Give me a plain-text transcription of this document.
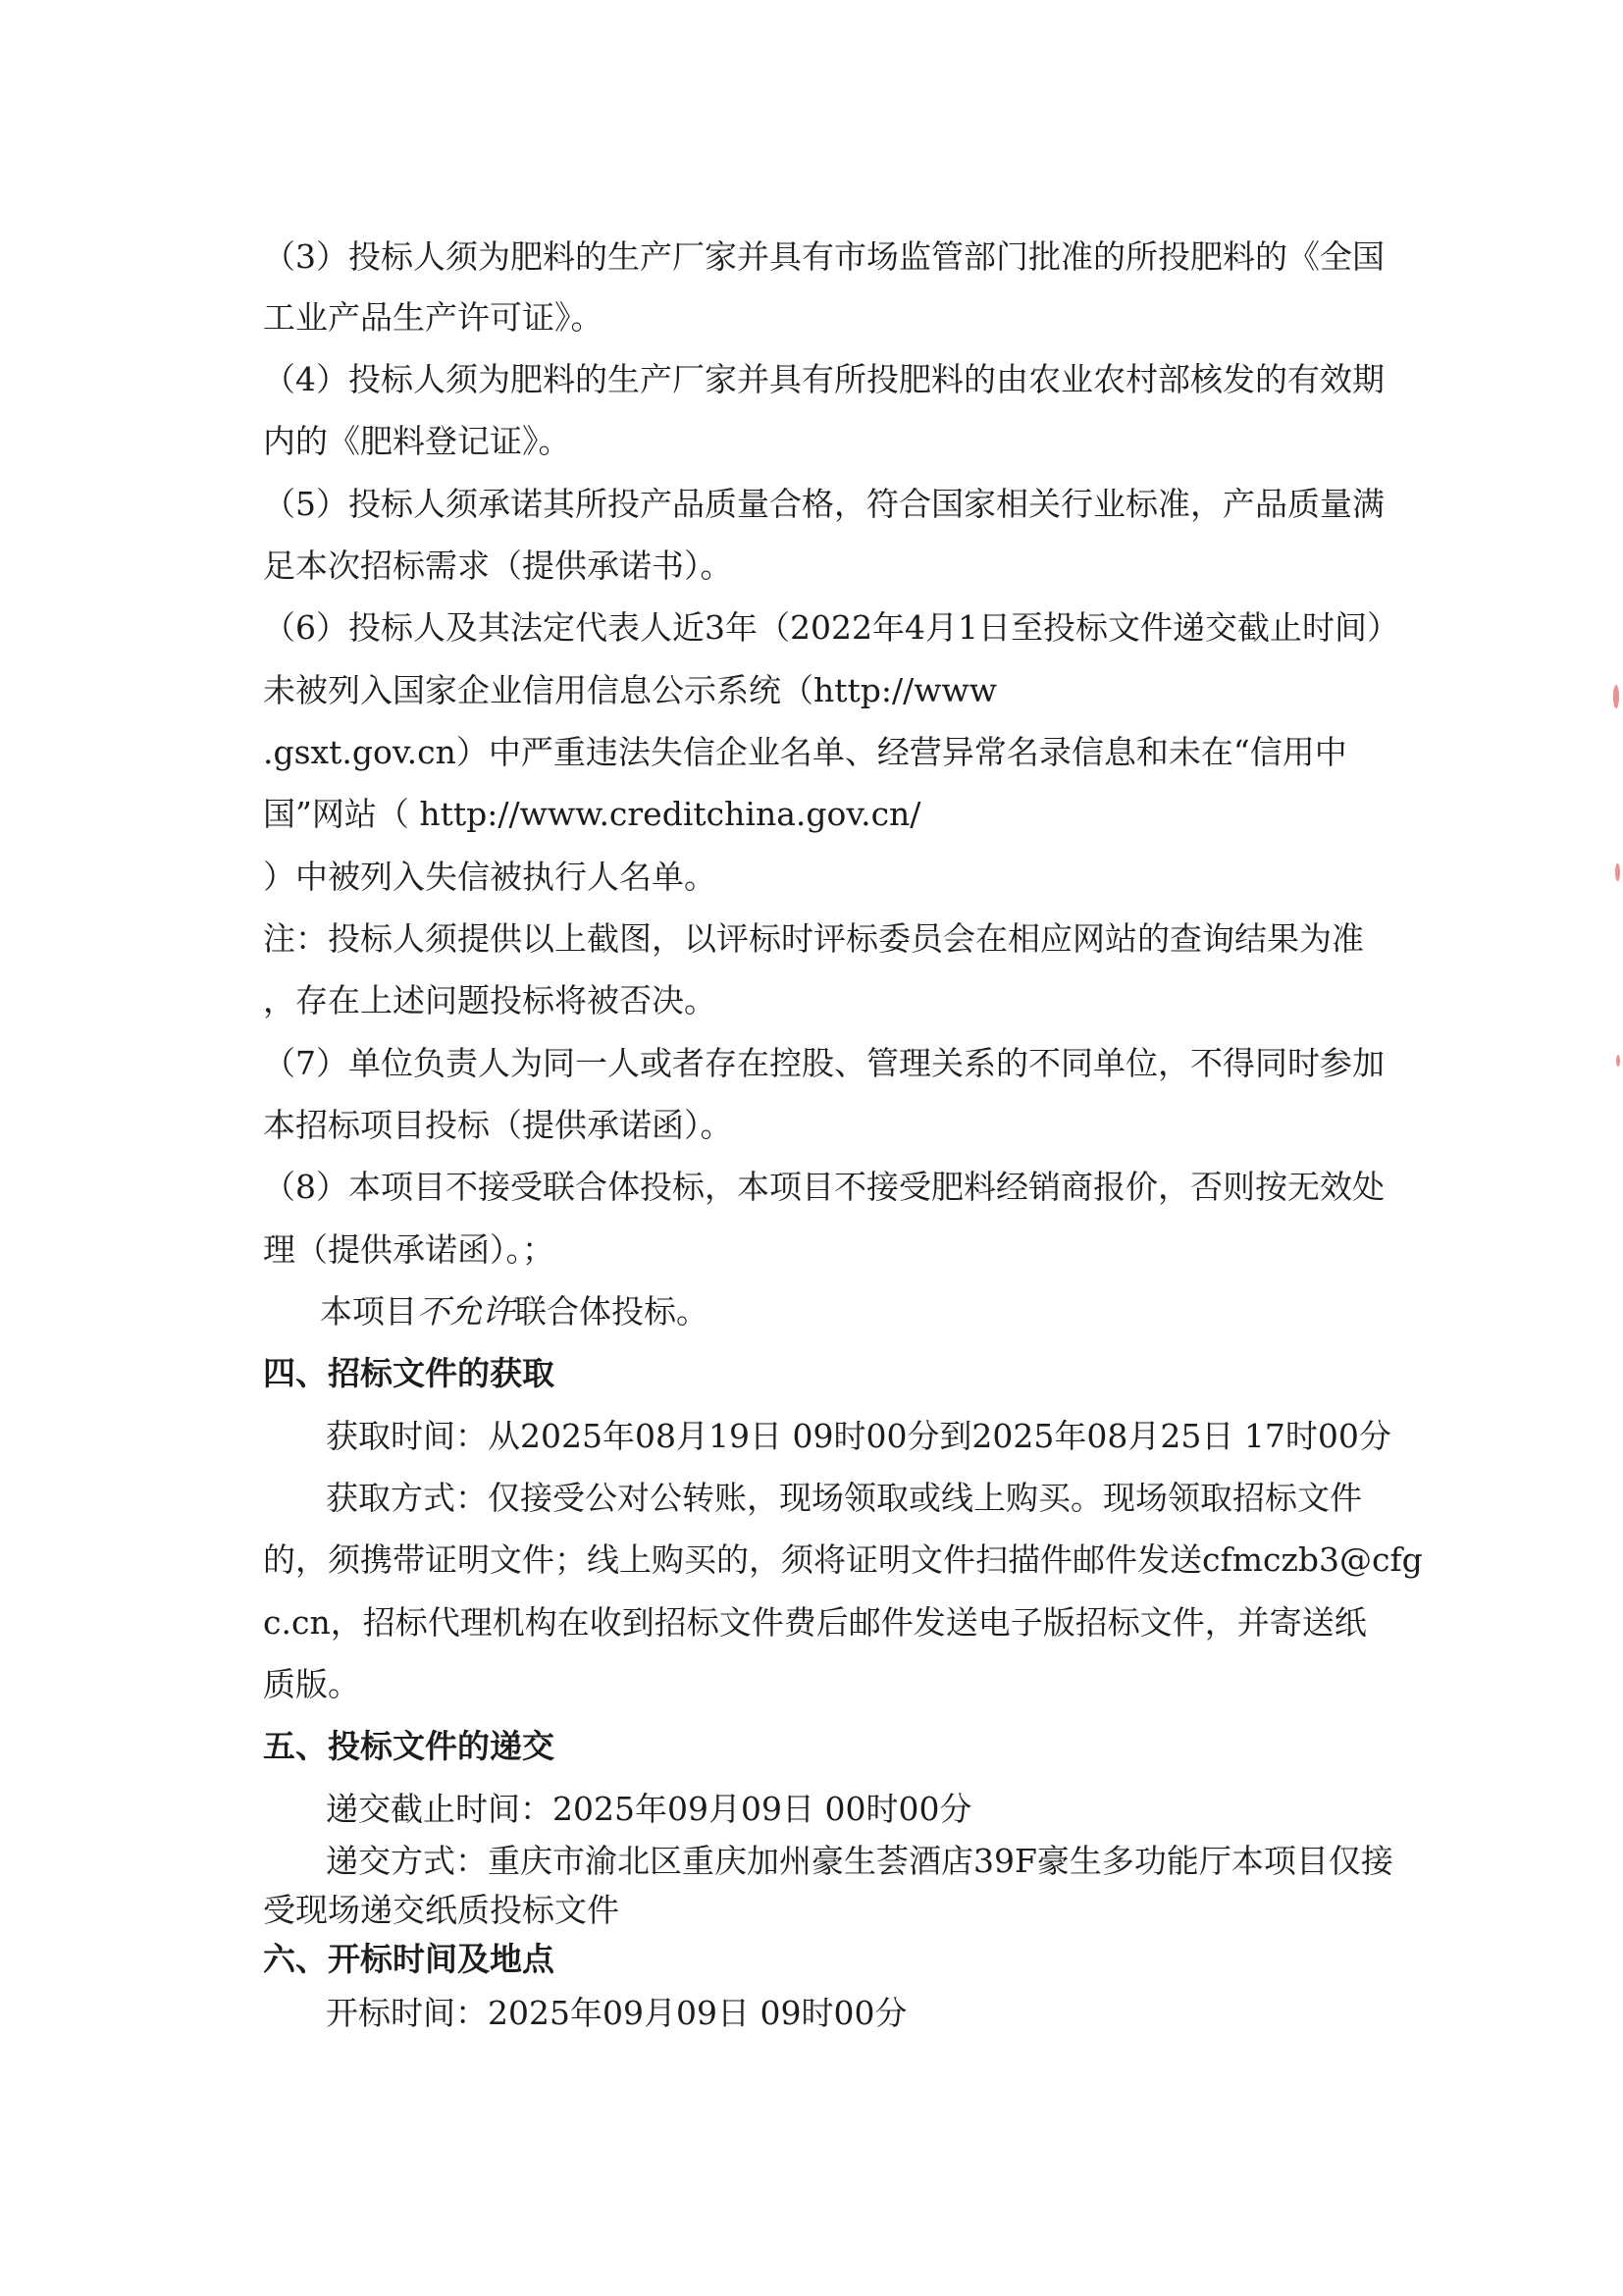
（3）投标人须为肥料的生产厂家并具有市场监管部门批准的所投肥料的《全国
工业产品生产许可证》。
（4）投标人须为肥料的生产厂家并具有所投肥料的由农业农村部核发的有效期
内的《肥料登记证》。
（5）投标人须承诺其所投产品质量合格，符合国家相关行业标准，产品质量满
足本次招标需求（提供承诺书）。
（6）投标人及其法定代表人近3年（2022年4月1日至投标文件递交截止时间）
未被列入国家企业信用信息公示系统（http://www
.gsxt.gov.cn）中严重违法失信企业名单、经营异常名录信息和未在“信用中
国”网站（ http://www.creditchina.gov.cn/
）中被列入失信被执行人名单。
注：投标人须提供以上截图，以评标时评标委员会在相应网站的查询结果为准
，存在上述问题投标将被否决。
（7）单位负责人为同一人或者存在控股、管理关系的不同单位，不得同时参加
本招标项目投标（提供承诺函）。
（8）本项目不接受联合体投标，本项目不接受肥料经销商报价，否则按无效处
理（提供承诺函）。；
本项目不允许联合体投标。
四、招标文件的获取
获取时间：从2025年08月19日 09时00分到2025年08月25日 17时00分
获取方式：仅接受公对公转账，现场领取或线上购买。现场领取招标文件
的，须携带证明文件；线上购买的，须将证明文件扫描件邮件发送cfmczb3@cfg
c.cn，招标代理机构在收到招标文件费后邮件发送电子版招标文件，并寄送纸
质版。
五、投标文件的递交
递交截止时间：2025年09月09日 00时00分
递交方式：重庆市渝北区重庆加州豪生荟酒店39F豪生多功能厅本项目仅接
受现场递交纸质投标文件
六、开标时间及地点
开标时间：2025年09月09日 09时00分
